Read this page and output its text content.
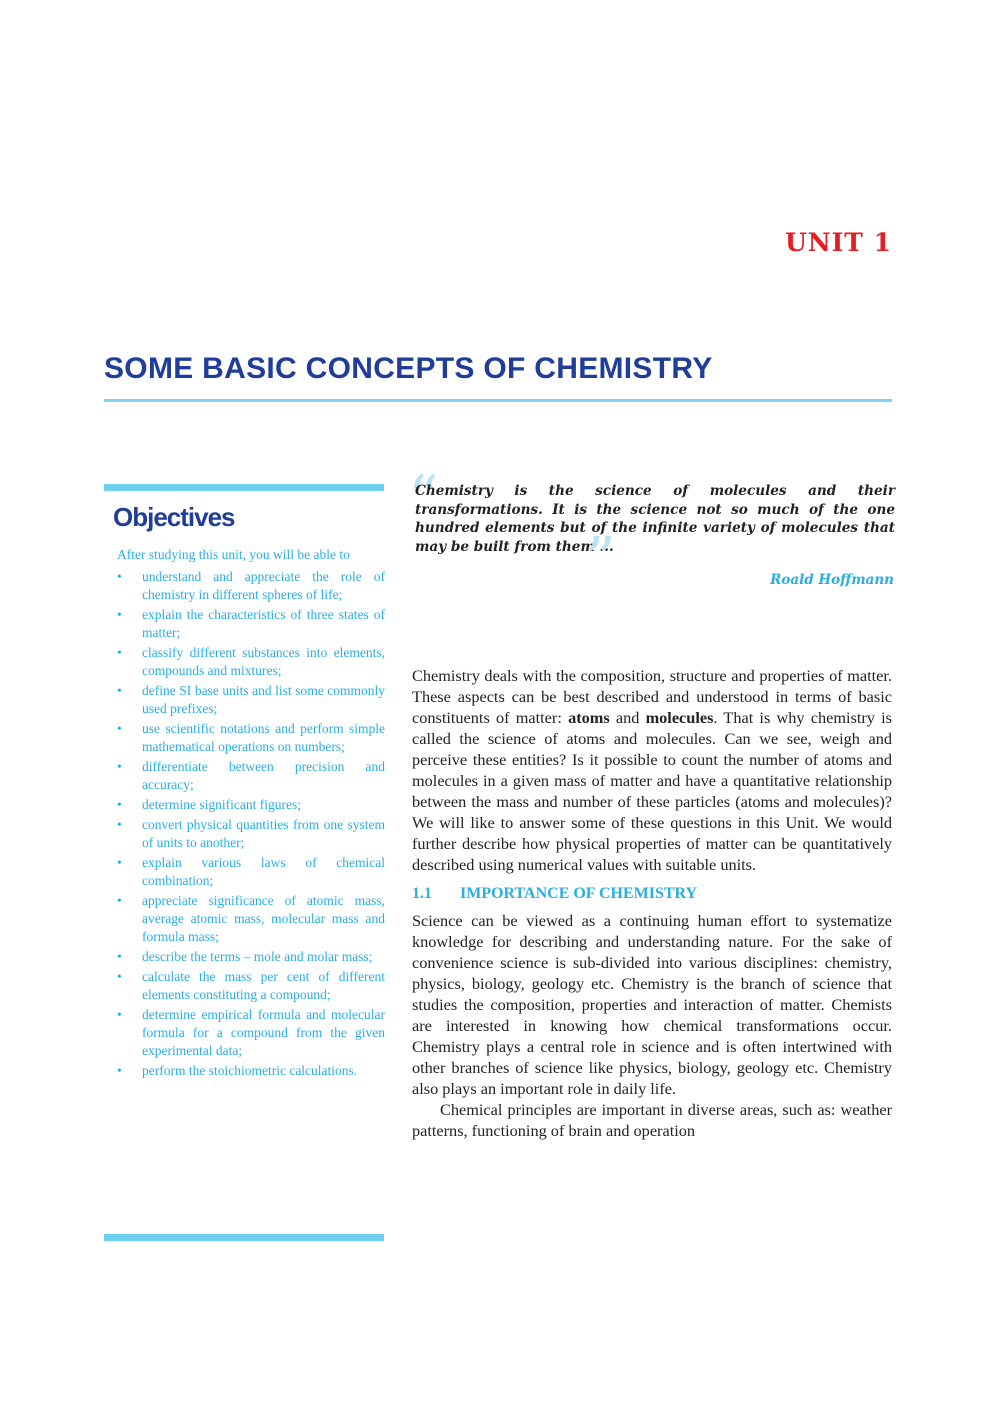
UNIT 1
SOME BASIC CONCEPTS OF CHEMISTRY
Objectives

After studying this unit, you will be able to

•	understand and appreciate the role of chemistry in different spheres of life;
•	explain the characteristics of three states of matter;
•	classify different substances into elements, compounds and mixtures;
•	define SI base units and list some commonly used prefixes;
•	use scientific notations and perform simple mathematical operations on numbers;
•	differentiate between precision and accuracy;
•	determine significant figures;
•	convert physical quantities from one system of units to another;
•	explain various laws of chemical combination;
•	appreciate significance of atomic mass, average atomic mass, molecular mass and formula mass;
•	describe the terms – mole and molar mass;
•	calculate the mass per cent of different elements constituting a compound;
•	determine empirical formula and molecular formula for a compound from the given experimental data;
•	perform the stoichiometric calculations.
“
Chemistry is the science of molecules and their transformations. It is the science not so much of the one hundred elements but of the infinite variety of molecules that may be built from them ...
”	Roald Hoffmann

Chemistry deals with the composition, structure and properties of matter. These aspects can be best described and understood in terms of basic constituents of matter: atoms and molecules. That is why chemistry is called the science of atoms and molecules. Can we see, weigh and perceive these entities? Is it possible to count the number of atoms and molecules in a given mass of matter and have a quantitative relationship between the mass and number of these particles (atoms and molecules)? We will like to answer some of these questions in this Unit. We would further describe how physical properties of matter can be quantitatively described using numerical values with suitable units.

1.1 IMPORTANCE OF CHEMISTRY

Science can be viewed as a continuing human effort to systematize knowledge for describing and understanding nature. For the sake of convenience science is sub-divided into various disciplines: chemistry, physics, biology, geology etc. Chemistry is the branch of science that studies the composition, properties and interaction of matter. Chemists are interested in knowing how chemical transformations occur. Chemistry plays a central role in science and is often intertwined with other branches of science like physics, biology, geology etc. Chemistry also plays an important role in daily life.

Chemical principles are important in diverse areas, such as: weather patterns, functioning of brain and operation
